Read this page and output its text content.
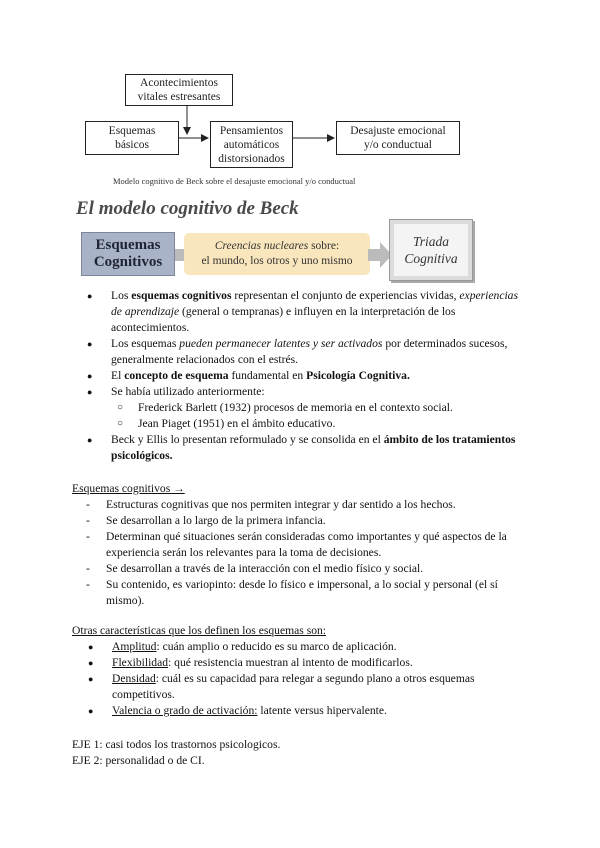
Acontecimientos
vitales estresantes
Esquemas
básicos
Pensamientos
automáticos
distorsionados
Desajuste emocional
y/o conductual
Modelo cognitivo de Beck sobre el desajuste emocional y/o conductual
El modelo cognitivo de Beck
Esquemas
Cognitivos
Creencias nucleares sobre:
el mundo, los otros y uno mismo
Triada
Cognitiva
● Los esquemas cognitivos representan el conjunto de experiencias vividas, experiencias de aprendizaje (general o tempranas) e influyen en la interpretación de los acontecimientos.
● Los esquemas pueden permanecer latentes y ser activados por determinados sucesos, generalmente relacionados con el estrés.
● El concepto de esquema fundamental en Psicología Cognitiva.
● Se había utilizado anteriormente:
○ Frederick Barlett (1932) procesos de memoria en el contexto social.
○ Jean Piaget (1951) en el ámbito educativo.
● Beck y Ellis lo presentan reformulado y se consolida en el ámbito de los tratamientos psicológicos.
Esquemas cognitivos →
- Estructuras cognitivas que nos permiten integrar y dar sentido a los hechos.
- Se desarrollan a lo largo de la primera infancia.
- Determinan qué situaciones serán consideradas como importantes y qué aspectos de la experiencia serán los relevantes para la toma de decisiones.
- Se desarrollan a través de la interacción con el medio físico y social.
- Su contenido, es variopinto: desde lo físico e impersonal, a lo social y personal (el sí mismo).
Otras características que los definen los esquemas son:
● Amplitud: cuán amplio o reducido es su marco de aplicación.
● Flexibilidad: qué resistencia muestran al intento de modificarlos.
● Densidad: cuál es su capacidad para relegar a segundo plano a otros esquemas competitivos.
● Valencia o grado de activación: latente versus hipervalente.
EJE 1: casi todos los trastornos psicologicos.
EJE 2: personalidad o de CI.
